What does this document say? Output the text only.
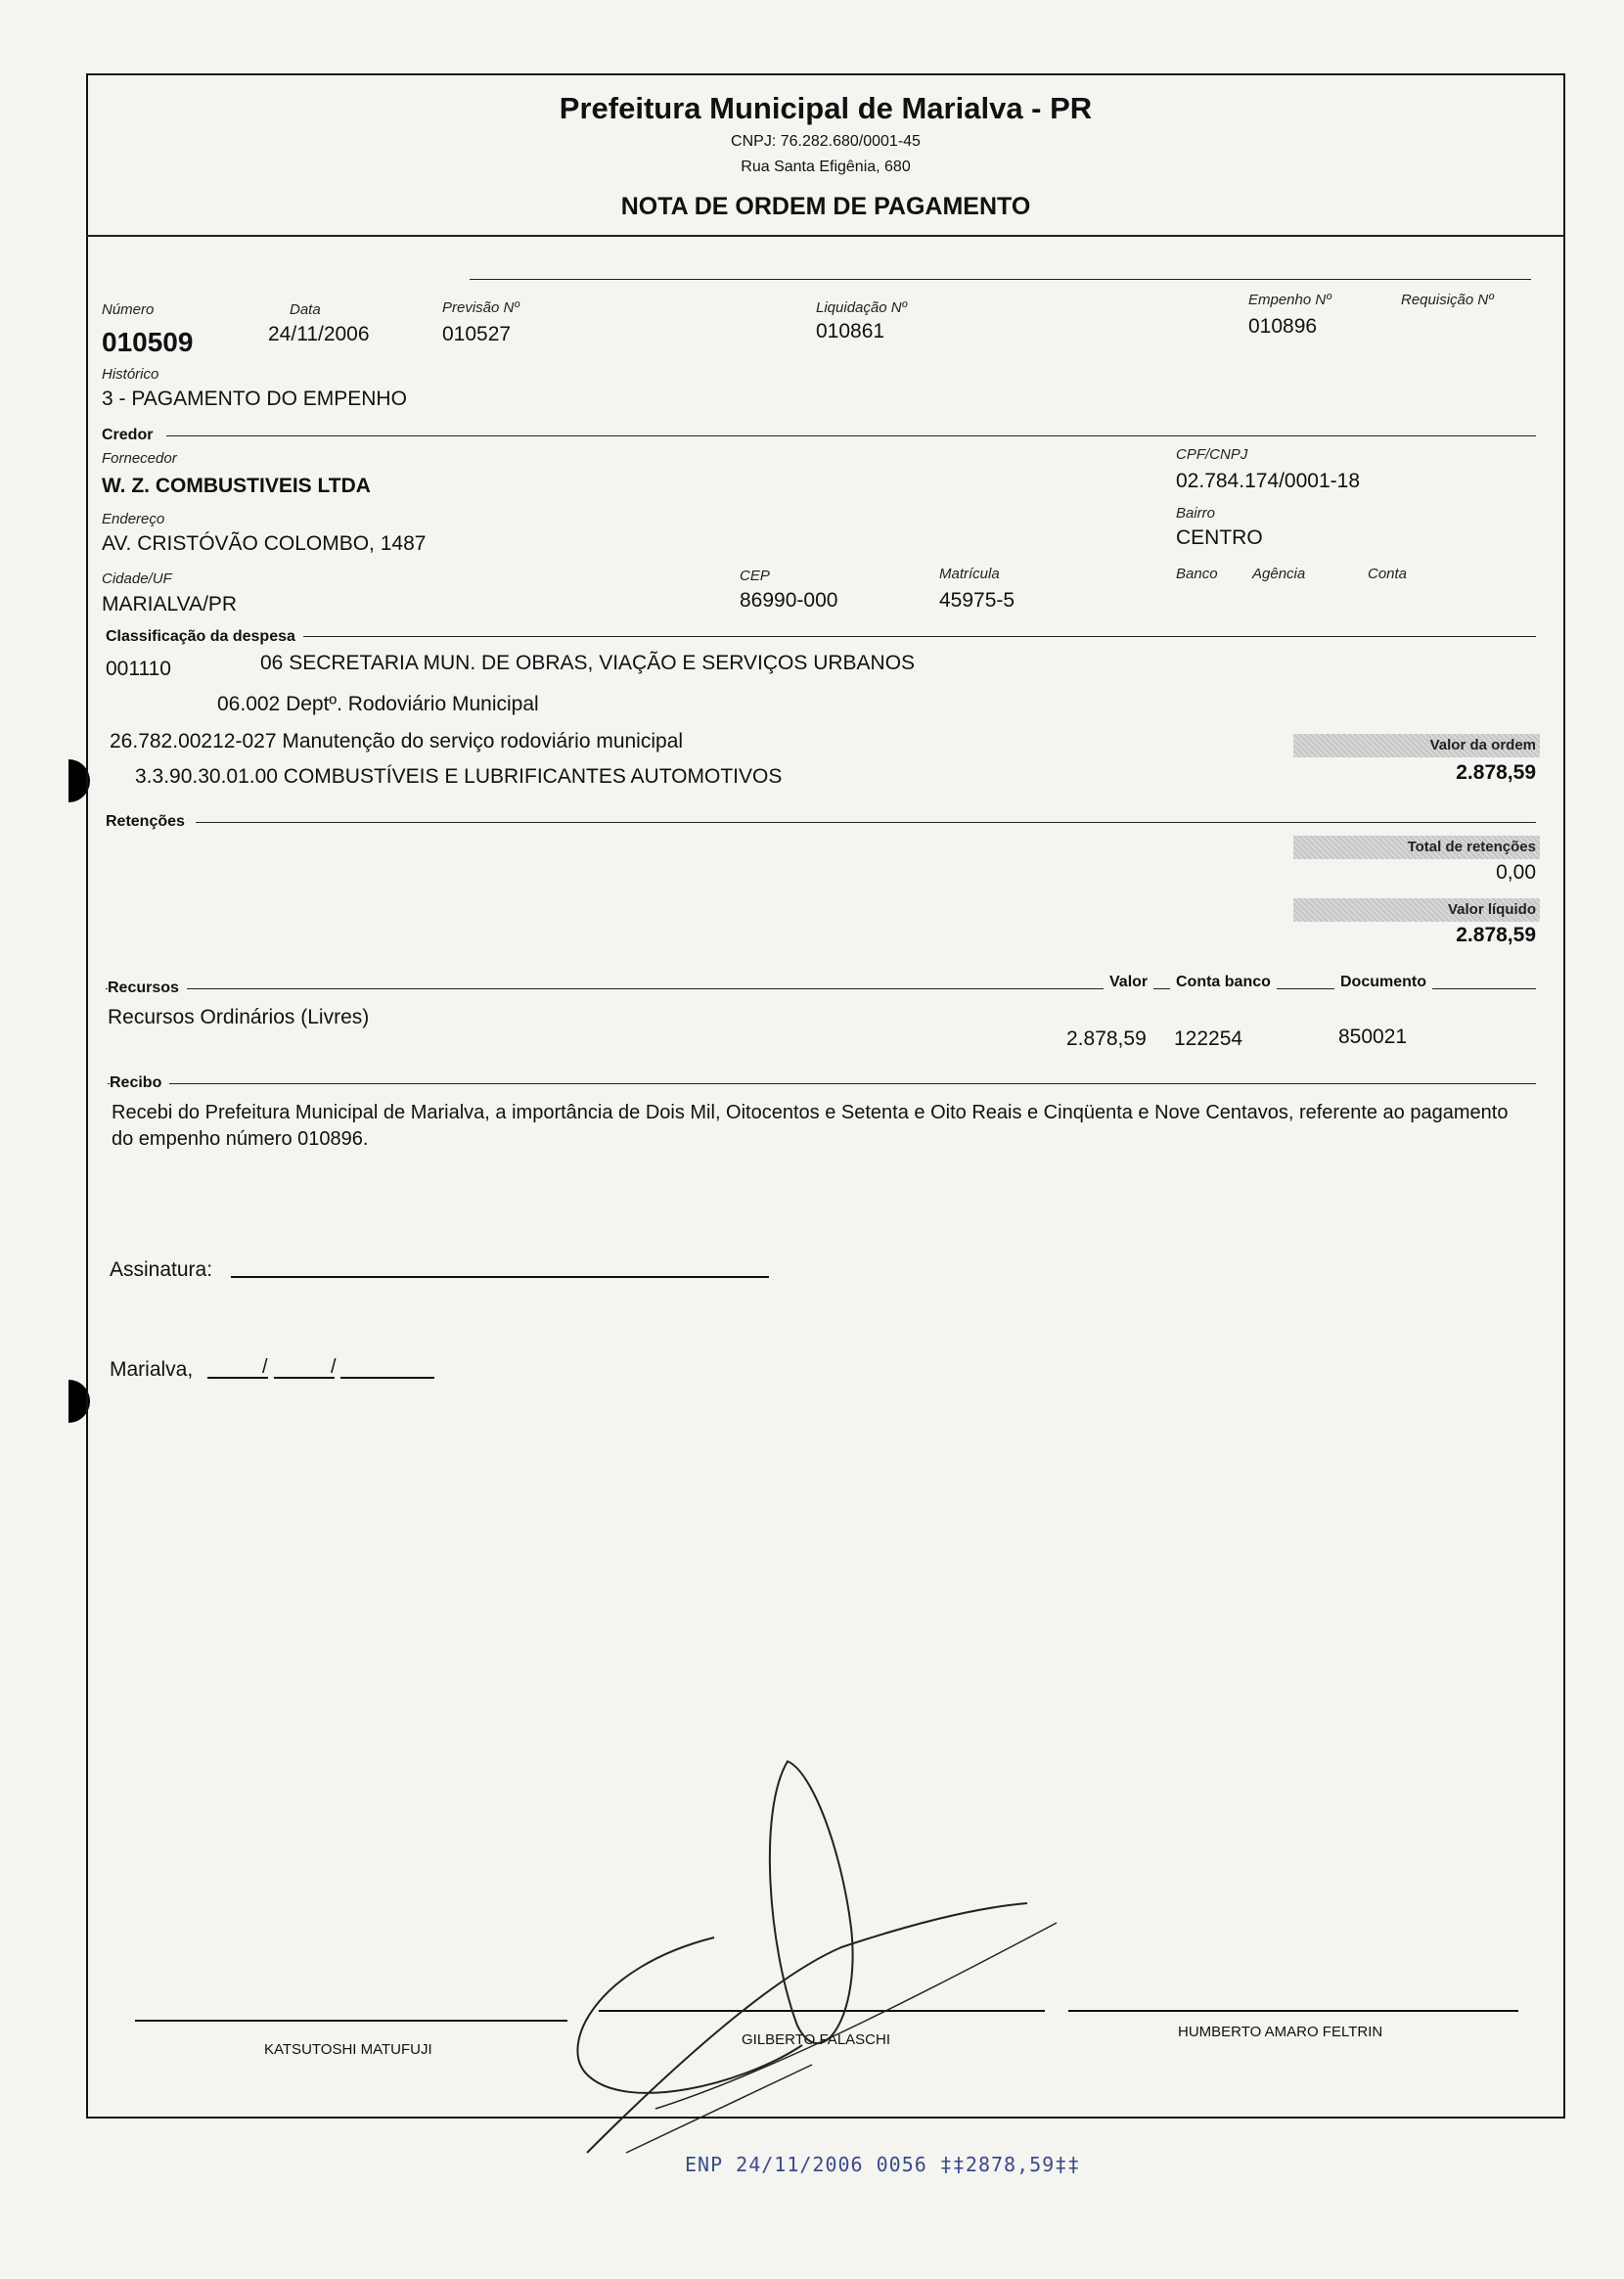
Prefeitura Municipal de Marialva - PR
CNPJ: 76.282.680/0001-45
Rua Santa Efigênia, 680
NOTA DE ORDEM DE PAGAMENTO
Número
010509
Data
24/11/2006
Previsão Nº
010527
Liquidação Nº
010861
Empenho Nº
010896
Requisição Nº
Histórico
3 - PAGAMENTO DO EMPENHO
Credor
Fornecedor
W. Z. COMBUSTIVEIS LTDA
CPF/CNPJ
02.784.174/0001-18
Endereço
AV. CRISTÓVÃO COLOMBO, 1487
Bairro
CENTRO
Cidade/UF
MARIALVA/PR
CEP
86990-000
Matrícula
45975-5
Banco Agência	Conta
Classificação da despesa
001110	06 SECRETARIA MUN. DE OBRAS, VIAÇÃO E SERVIÇOS URBANOS
06.002 Deptº. Rodoviário Municipal
26.782.00212-027 Manutenção do serviço rodoviário municipal
3.3.90.30.01.00 COMBUSTÍVEIS E LUBRIFICANTES AUTOMOTIVOS
Valor da ordem
2.878,59
Retenções
Total de retenções
0,00
Valor líquido
2.878,59
Recursos	Valor	Conta banco	Documento
Recursos Ordinários (Livres)
2.878,59 122254	850021
Recibo
Recebi do Prefeitura Municipal de Marialva, a importância de Dois Mil, Oitocentos e Setenta e Oito Reais e Cinqüenta e Nove Centavos, referente ao pagamento do empenho número 010896.
Assinatura:
Marialva,	/	/
KATSUTOSHI MATUFUJI
GILBERTO FALASCHI	HUMBERTO AMARO FELTRIN
ENP 24/11/2006 0056 ‡‡2878,59‡‡
